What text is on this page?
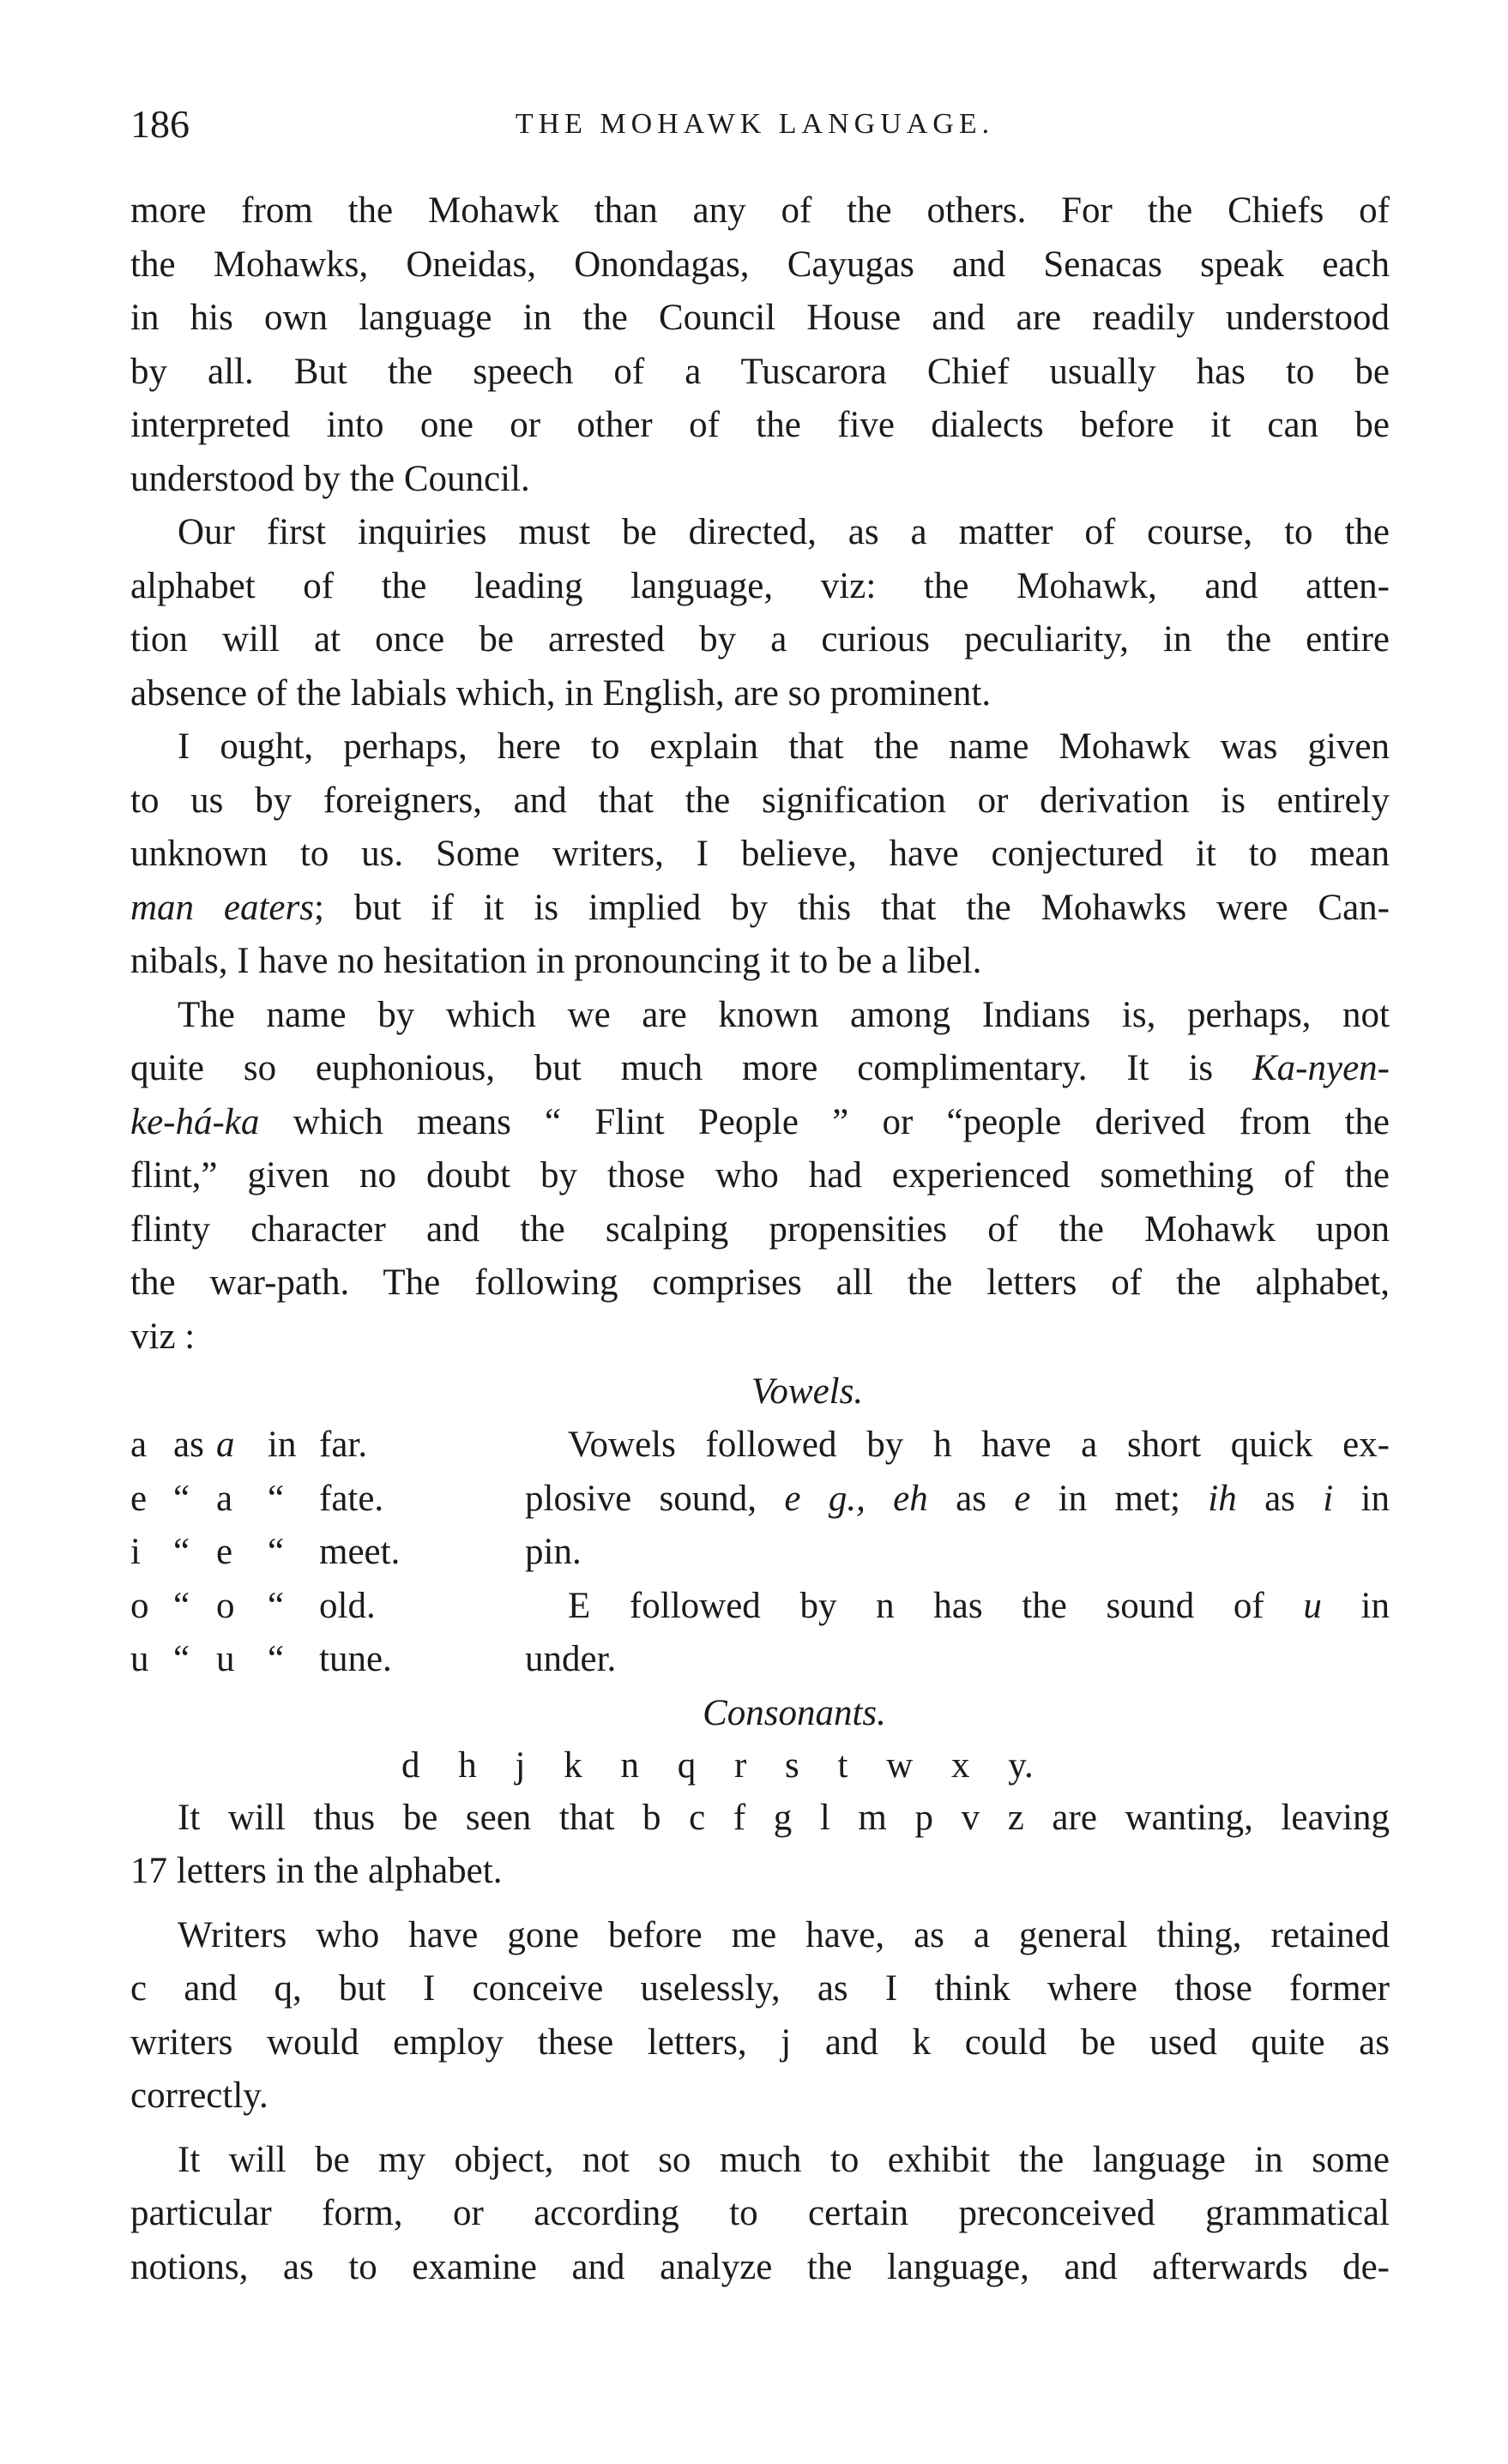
186	THE MOHAWK LANGUAGE.
more from the Mohawk than any of the others. For the Chiefs of
the Mohawks, Oneidas, Onondagas, Cayugas and Senacas speak each
in his own language in the Council House and are readily understood
by all. But the speech of a Tuscarora Chief usually has to be
interpreted into one or other of the five dialects before it can be
understood by the Council.
Our first inquiries must be directed, as a matter of course, to the
alphabet of the leading language, viz: the Mohawk, and atten-
tion will at once be arrested by a curious peculiarity, in the entire
absence of the labials which, in English, are so prominent.
I ought, perhaps, here to explain that the name Mohawk was given
to us by foreigners, and that the signification or derivation is entirely
unknown to us. Some writers, I believe, have conjectured it to mean
man eaters; but if it is implied by this that the Mohawks were Can-
nibals, I have no hesitation in pronouncing it to be a libel.
The name by which we are known among Indians is, perhaps, not
quite so euphonious, but much more complimentary. It is Ka-nyen-
ke-há-ka which means “ Flint People ” or “people derived from the
flint,” given no doubt by those who had experienced something of the
flinty character and the scalping propensities of the Mohawk upon
the war-path. The following comprises all the letters of the alphabet,
viz :
Vowels.
a as a in far.
e “ a “ fate.
i “ e “ meet.
o “ o “ old.
u “ u “ tune.
Vowels followed by h have a short quick ex-
plosive sound, e g., eh as e in met; ih as i in
pin.
E followed by n has the sound of u in
under.
Consonants.
d h j k n q r s t w x y.
It will thus be seen that b c f g l m p v z are wanting, leaving
17 letters in the alphabet.
Writers who have gone before me have, as a general thing, retained
c and q, but I conceive uselessly, as I think where those former
writers would employ these letters, j and k could be used quite as
correctly.
It will be my object, not so much to exhibit the language in some
particular form, or according to certain preconceived grammatical
notions, as to examine and analyze the language, and afterwards de-
